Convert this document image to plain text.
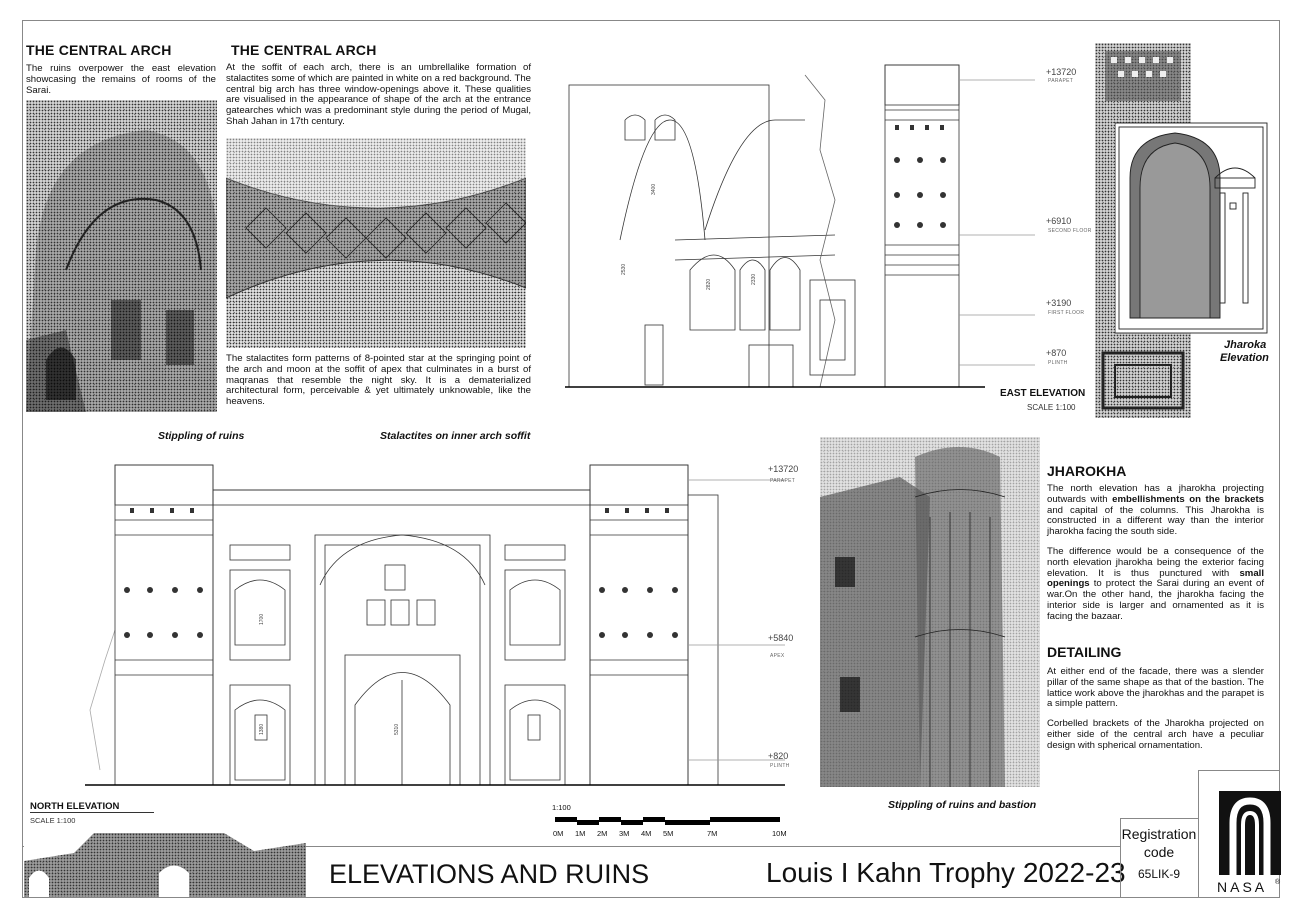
THE CENTRAL ARCH
The ruins overpower the east elevation showcasing the remains of rooms of the Sarai.
Stippling of ruins
THE CENTRAL ARCH
At the soffit of each arch, there is an umbrellalike formation of stalactites some of which are painted in white on a red background. The central big arch has three window-openings above it. These qualities are visualised in the appearance of shape of the arch at the entrance gatearches which was a predominant style during the period of Mugal, Shah Jahan in 17th century.
The stalactites form patterns of 8-pointed star at the springing point of the arch and moon at the soffit of apex that culminates in a burst of maqranas that resemble the night sky. It is a dematerialized architectural form, perceivable & yet ultimately unknowable, like the heavens.
Stalactites on inner arch soffit
3400
2530
2820	2330
+13720
PARAPET
+6910
SECOND FLOOR
+3190
FIRST FLOOR
+870
PLINTH
EAST ELEVATION
SCALE 1:100
Jharoka
Elevation
1700
1380	5310
+13720
PARAPET
+5840
APEX
+820
PLINTH
NORTH ELEVATION
SCALE 1:100
1:100
0M 1M 2M 3M 4M 5M	7M	10M
Stippling of ruins and bastion
JHAROKHA

The north elevation has a jharokha projecting outwards with embellishments on the brackets and capital of the columns. This Jharokha is constructed in a different way than the interior jharokha facing the south side.

The difference would be a consequence of the north elevation jharokha being the exterior facing elevation. It is thus punctured with small openings to protect the Sarai during an event of war.On the other hand, the jharokha facing the interior side is larger and ornamented as it is facing the bazaar.

DETAILING

At either end of the facade, there was a slender pillar of the same shape as that of the bastion. The lattice work above the jharokhas and the parapet is a simple pattern.

Corbelled brackets of the Jharokha projected on either side of the central arch have a peculiar design with spherical ornamentation.

ELEVATIONS AND RUINS	Louis I Kahn Trophy 2022-23
Registration
code
65LIK-9
NASA ®
